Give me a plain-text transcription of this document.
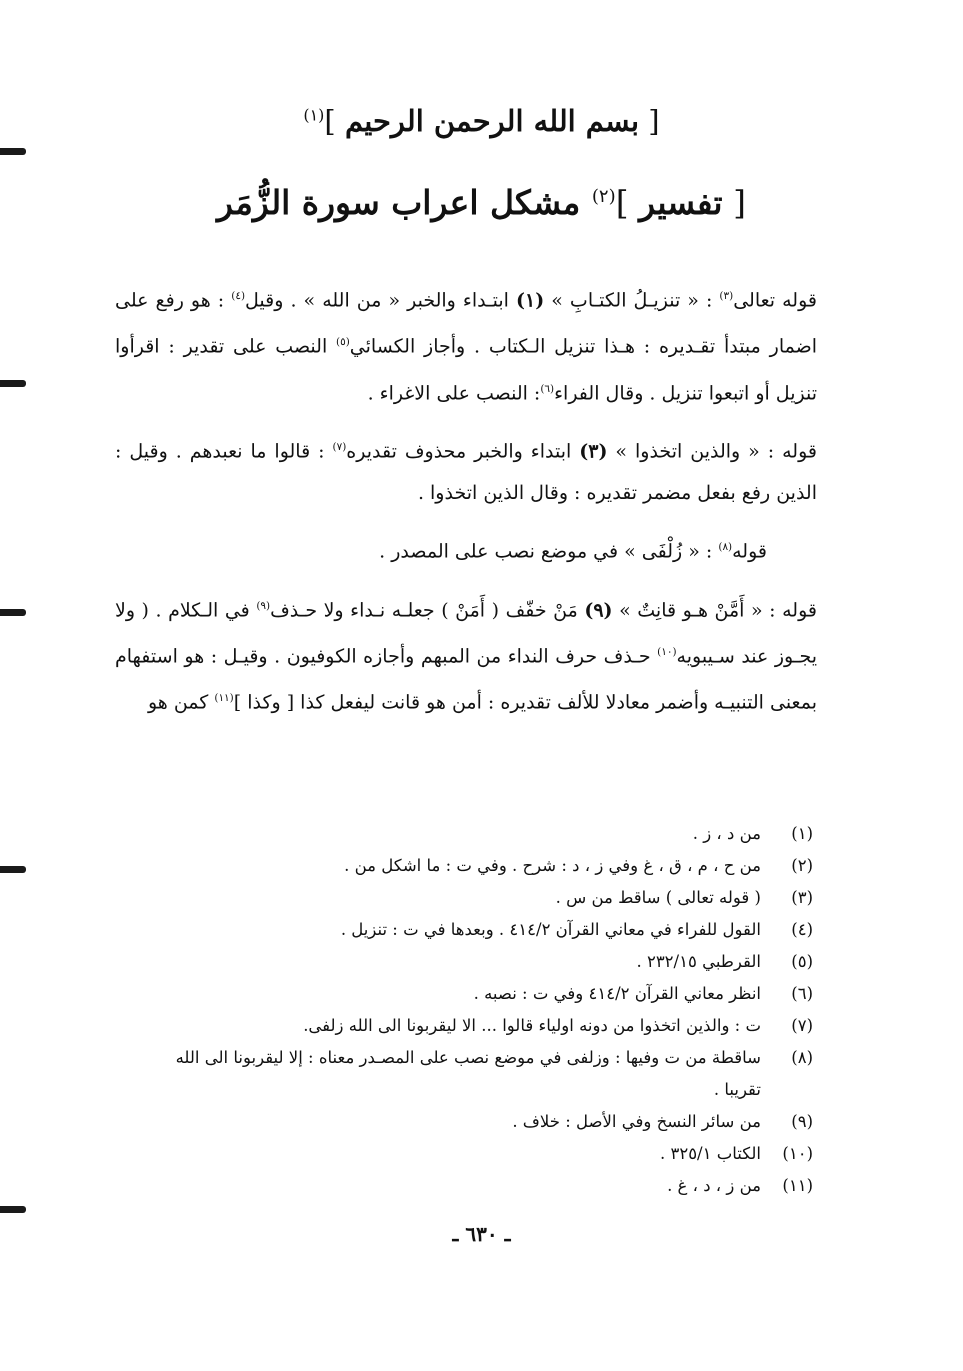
[ بسم الله الرحمن الرحيم ]$^{(١)}$
[ تفسير ]$^{(٢)}$ مشكل اعراب سورة الزُّمَر

قوله تعالى$^{(٣)}$ : « تنزيـلُ الكتـابِ » (١) ابتـداء والخبر « من الله » . وقيل$^{(٤)}$ : هو رفع على اضمار مبتدأ تقـديره : هـذا تنزيل الـكتاب . وأجاز الكسائي$^{(٥)}$ النصب على تقدير : اقرأوا تنزيل أو اتبعوا تنزيل . وقال الفراء$^{(٦)}$: النصب على الاغراء .

قوله : « والذين اتخذوا » (٣) ابتداء والخبر محذوف تقديره$^{(٧)}$ : قالوا ما نعبدهم . وقيل : الذين رفع بفعل مضمر تقديره : وقال الذين اتخذوا .

قوله$^{(٨)}$ : « زُلْفَى » في موضع نصب على المصدر .

قوله : « أَمَّنْ هـو قانِتٌ » (٩) مَنْ خفّف ( أَمَنْ ) جعلـه نـداء ولا حـذف$^{(٩)}$ في الـكلام . ( ولا يجـوز عند سـيبويه$^{(١٠)}$ حـذف حرف النداء من المبهم وأجازه الكوفيون . وقيـل : هو استفهام بمعنى التنبيـه وأضمر معادلا للألف تقديره : أمن هو قانت ليفعل كذا [ وكذا ]$^{(١١)}$ كمن هو

(١)
من د ، ز .
(٢)
من ح ، م ، ق ، غ وفي ز ، د : شرح . وفي ت : ما اشكل من .
(٣)
( قوله تعالى ) ساقط من س .
(٤)
القول للفراء في معاني القرآن ٤١٤/٢ . وبعدها في ت : تنزيل .
(٥)
القرطبي ٢٣٢/١٥ .
(٦)
انظر معاني القرآن ٤١٤/٢ وفي ت : نصبه .
(٧)
ت : والذين اتخذوا من دونه اولياء قالوا ... الا ليقربونا الى الله زلفى.
(٨)
ساقطة من ت وفيها : وزلفى في موضع نصب على المصـدر معناه : إلا ليقربونا الى الله تقريبا .
(٩)
من سائر النسخ وفي الأصل : خلاف .
(١٠)
الكتاب ٣٢٥/١ .
(١١)
من ز ، د ، غ .
ـ ٦٣٠ ـ
